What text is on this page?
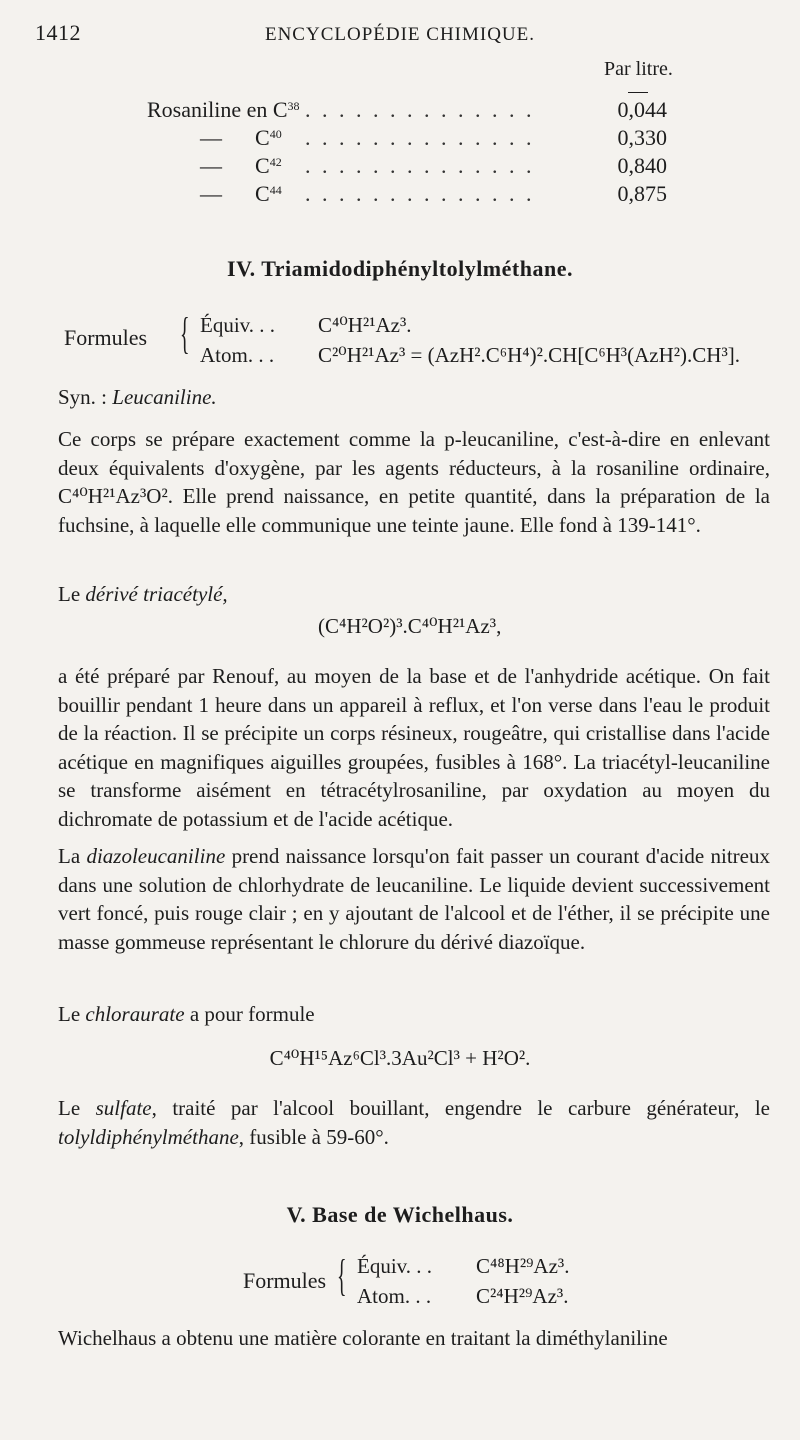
1412	ENCYCLOPÉDIE CHIMIQUE.
Par litre.
Rosaniline en $C^{38}$ . . . . . . . . . . . . . .	0,044
—      $C^{40}$ . . . . . . . . . . . . . .	0,330
—      $C^{42}$ . . . . . . . . . . . . . .	0,840
—      $C^{44}$ . . . . . . . . . . . . . .	0,875
IV. Triamidodiphényltolylméthane.
Formules { Équiv. . . C⁴⁰H²¹Az³.
Atom. . . C²⁰H²¹Az³ = (AzH².C⁶H⁴)².CH[C⁶H³(AzH²).CH³].
Syn. : Leucaniline.
Ce corps se prépare exactement comme la p-leucaniline, c'est-à-dire en enlevant deux équivalents d'oxygène, par les agents réducteurs, à la rosaniline ordinaire, C⁴⁰H²¹Az³O². Elle prend naissance, en petite quantité, dans la préparation de la fuchsine, à laquelle elle communique une teinte jaune. Elle fond à 139-141°.
Le dérivé triacétylé,
(C⁴H²O²)³.C⁴⁰H²¹Az³,
a été préparé par Renouf, au moyen de la base et de l'anhydride acétique. On fait bouillir pendant 1 heure dans un appareil à reflux, et l'on verse dans l'eau le produit de la réaction. Il se précipite un corps résineux, rougeâtre, qui cristallise dans l'acide acétique en magnifiques aiguilles groupées, fusibles à 168°. La triacétyl-leucaniline se transforme aisément en tétracétylrosaniline, par oxydation au moyen du dichromate de potassium et de l'acide acétique.
La diazoleucaniline prend naissance lorsqu'on fait passer un courant d'acide nitreux dans une solution de chlorhydrate de leucaniline. Le liquide devient successivement vert foncé, puis rouge clair ; en y ajoutant de l'alcool et de l'éther, il se précipite une masse gommeuse représentant le chlorure du dérivé diazoïque.
Le chloraurate a pour formule
C⁴⁰H¹⁵Az⁶Cl³.3Au²Cl³ + H²O².
Le sulfate, traité par l'alcool bouillant, engendre le carbure générateur, le tolyldiphénylméthane, fusible à 59-60°.
V. Base de Wichelhaus.
Formules { Équiv. . . C⁴⁸H²⁹Az³.
Atom. . . C²⁴H²⁹Az³.
Wichelhaus a obtenu une matière colorante en traitant la diméthylaniline
